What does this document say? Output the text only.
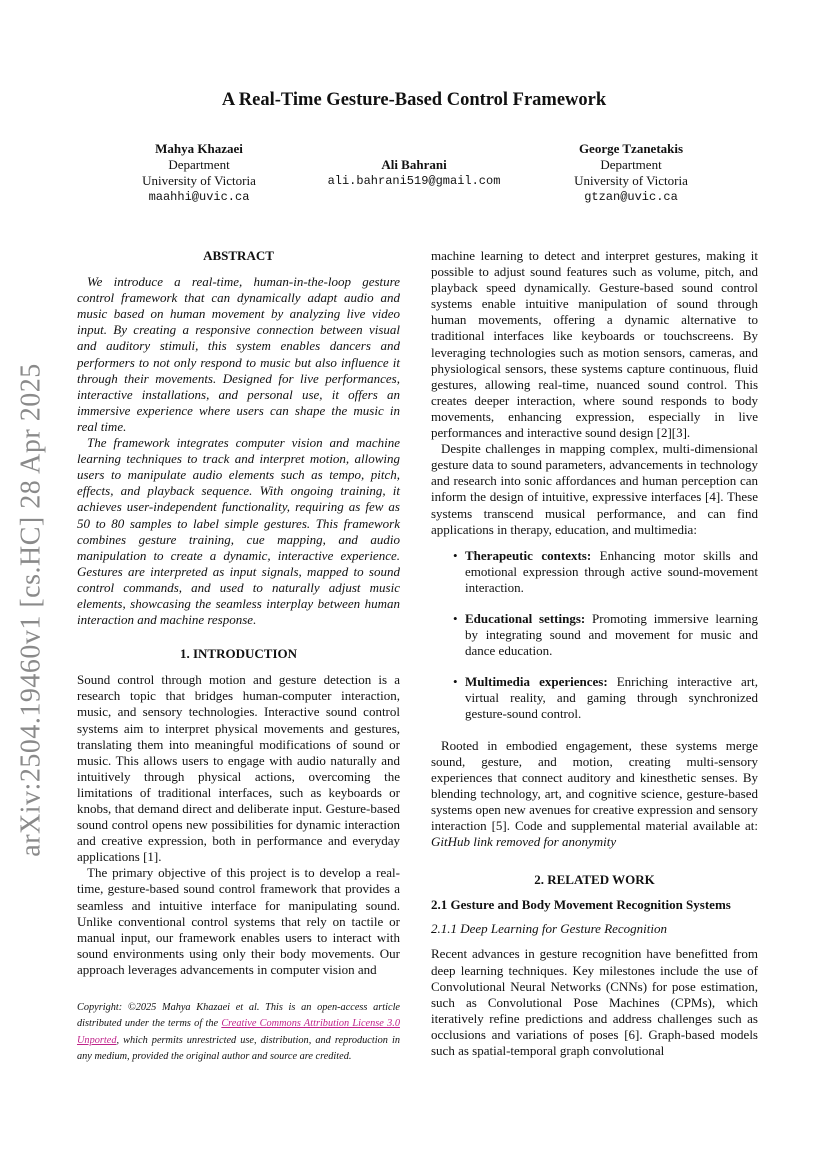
arXiv:2504.19460v1 [cs.HC] 28 Apr 2025
A Real-Time Gesture-Based Control Framework
Mahya Khazaei
Department
University of Victoria
maahhi@uvic.ca
Ali Bahrani
ali.bahrani519@gmail.com
George Tzanetakis
Department
University of Victoria
gtzan@uvic.ca
ABSTRACT

We introduce a real-time, human-in-the-loop gesture control framework that can dynamically adapt audio and music based on human movement by analyzing live video input. By creating a responsive connection between visual and auditory stimuli, this system enables dancers and performers to not only respond to music but also influence it through their movements. Designed for live performances, interactive installations, and personal use, it offers an immersive experience where users can shape the music in real time.

The framework integrates computer vision and machine learning techniques to track and interpret motion, allowing users to manipulate audio elements such as tempo, pitch, effects, and playback sequence. With ongoing training, it achieves user-independent functionality, requiring as few as 50 to 80 samples to label simple gestures. This framework combines gesture training, cue mapping, and audio manipulation to create a dynamic, interactive experience. Gestures are interpreted as input signals, mapped to sound control commands, and used to naturally adjust music elements, showcasing the seamless interplay between human interaction and machine response.

1. INTRODUCTION

Sound control through motion and gesture detection is a research topic that bridges human-computer interaction, music, and sensory technologies. Interactive sound control systems aim to interpret physical movements and gestures, translating them into meaningful modifications of sound or music. This allows users to engage with audio naturally and intuitively through physical actions, overcoming the limitations of traditional interfaces, such as keyboards or knobs, that demand direct and deliberate input. Gesture-based sound control opens new possibilities for dynamic interaction and creative expression, both in performance and everyday applications [1].

The primary objective of this project is to develop a real-time, gesture-based sound control framework that provides a seamless and intuitive interface for manipulating sound. Unlike conventional control systems that rely on tactile or manual input, our framework enables users to interact with sound environments using only their body movements. Our approach leverages advancements in computer vision and

Copyright: ©2025 Mahya Khazaei et al. This is an open-access article distributed under the terms of the Creative Commons Attribution License 3.0 Unported, which permits unrestricted use, distribution, and reproduction in any medium, provided the original author and source are credited.

machine learning to detect and interpret gestures, making it possible to adjust sound features such as volume, pitch, and playback speed dynamically. Gesture-based sound control systems enable intuitive manipulation of sound through human movements, offering a dynamic alternative to traditional interfaces like keyboards or touchscreens. By leveraging technologies such as motion sensors, cameras, and physiological sensors, these systems capture continuous, fluid gestures, allowing real-time, nuanced sound control. This creates deeper interaction, where sound responds to body movements, enhancing expression, especially in live performances and interactive sound design [2][3].

Despite challenges in mapping complex, multi-dimensional gesture data to sound parameters, advancements in technology and research into sonic affordances and human perception can inform the design of intuitive, expressive interfaces [4]. These systems transcend musical performance, and can find applications in therapy, education, and multimedia:

• Therapeutic contexts: Enhancing motor skills and emotional expression through active sound-movement interaction.
• Educational settings: Promoting immersive learning by integrating sound and movement for music and dance education.
• Multimedia experiences: Enriching interactive art, virtual reality, and gaming through synchronized gesture-sound control.

Rooted in embodied engagement, these systems merge sound, gesture, and motion, creating multi-sensory experiences that connect auditory and kinesthetic senses. By blending technology, art, and cognitive science, gesture-based systems open new avenues for creative expression and sensory interaction [5]. Code and supplemental material available at: GitHub link removed for anonymity

2. RELATED WORK
2.1 Gesture and Body Movement Recognition Systems
2.1.1 Deep Learning for Gesture Recognition

Recent advances in gesture recognition have benefitted from deep learning techniques. Key milestones include the use of Convolutional Neural Networks (CNNs) for pose estimation, such as Convolutional Pose Machines (CPMs), which iteratively refine predictions and address challenges such as occlusions and variations of poses [6]. Graph-based models such as spatial-temporal graph convolutional
